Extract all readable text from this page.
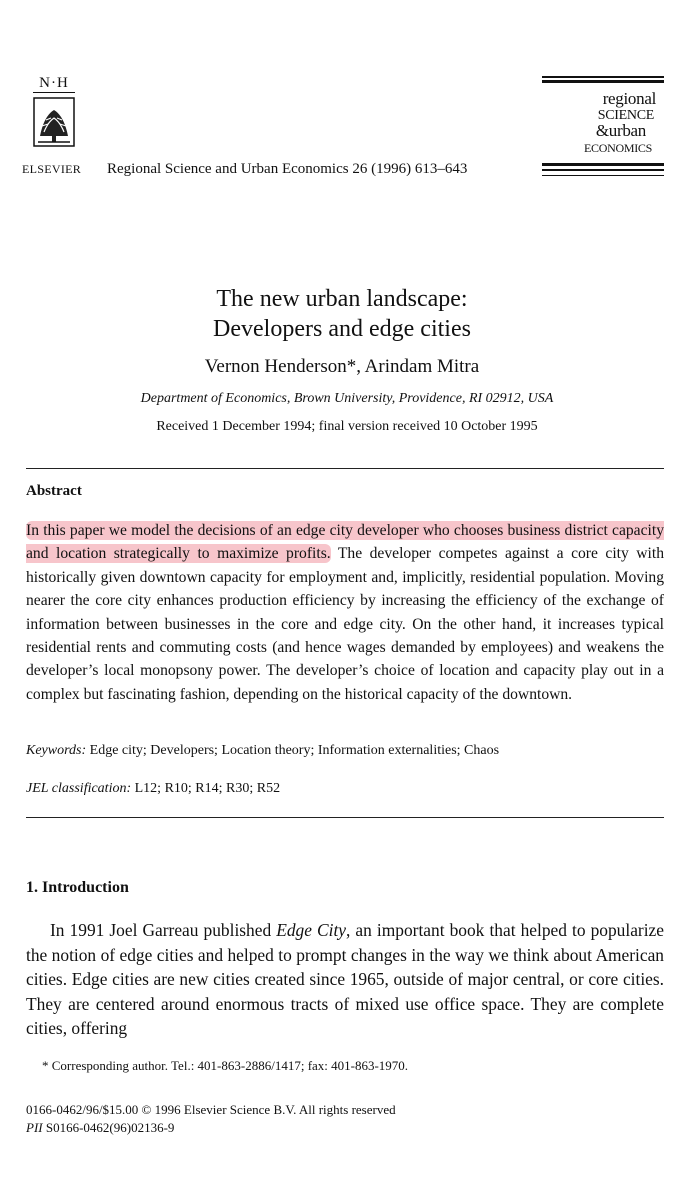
N·H
ELSEVIER Regional Science and Urban Economics 26 (1996) 613–643
regional
SCIENCE
&urban
ECONOMICS
The new urban landscape:
Developers and edge cities
Vernon Henderson*, Arindam Mitra
Department of Economics, Brown University, Providence, RI 02912, USA
Received 1 December 1994; final version received 10 October 1995
Abstract
In this paper we model the decisions of an edge city developer who chooses business district capacity and location strategically to maximize profits. The developer competes against a core city with historically given downtown capacity for employment and, implicitly, residential population. Moving nearer the core city enhances production efficiency by increasing the efficiency of the exchange of information between businesses in the core and edge city. On the other hand, it increases typical residential rents and commuting costs (and hence wages demanded by employees) and weakens the developer’s local monopsony power. The developer’s choice of location and capacity play out in a complex but fascinating fashion, depending on the historical capacity of the downtown.
Keywords: Edge city; Developers; Location theory; Information externalities; Chaos
JEL classification: L12; R10; R14; R30; R52
1. Introduction
In 1991 Joel Garreau published Edge City, an important book that helped to popularize the notion of edge cities and helped to prompt changes in the way we think about American cities. Edge cities are new cities created since 1965, outside of major central, or core cities. They are centered around enormous tracts of mixed use office space. They are complete cities, offering
* Corresponding author. Tel.: 401-863-2886/1417; fax: 401-863-1970.
0166-0462/96/$15.00 © 1996 Elsevier Science B.V. All rights reserved
PII S0166-0462(96)02136-9
